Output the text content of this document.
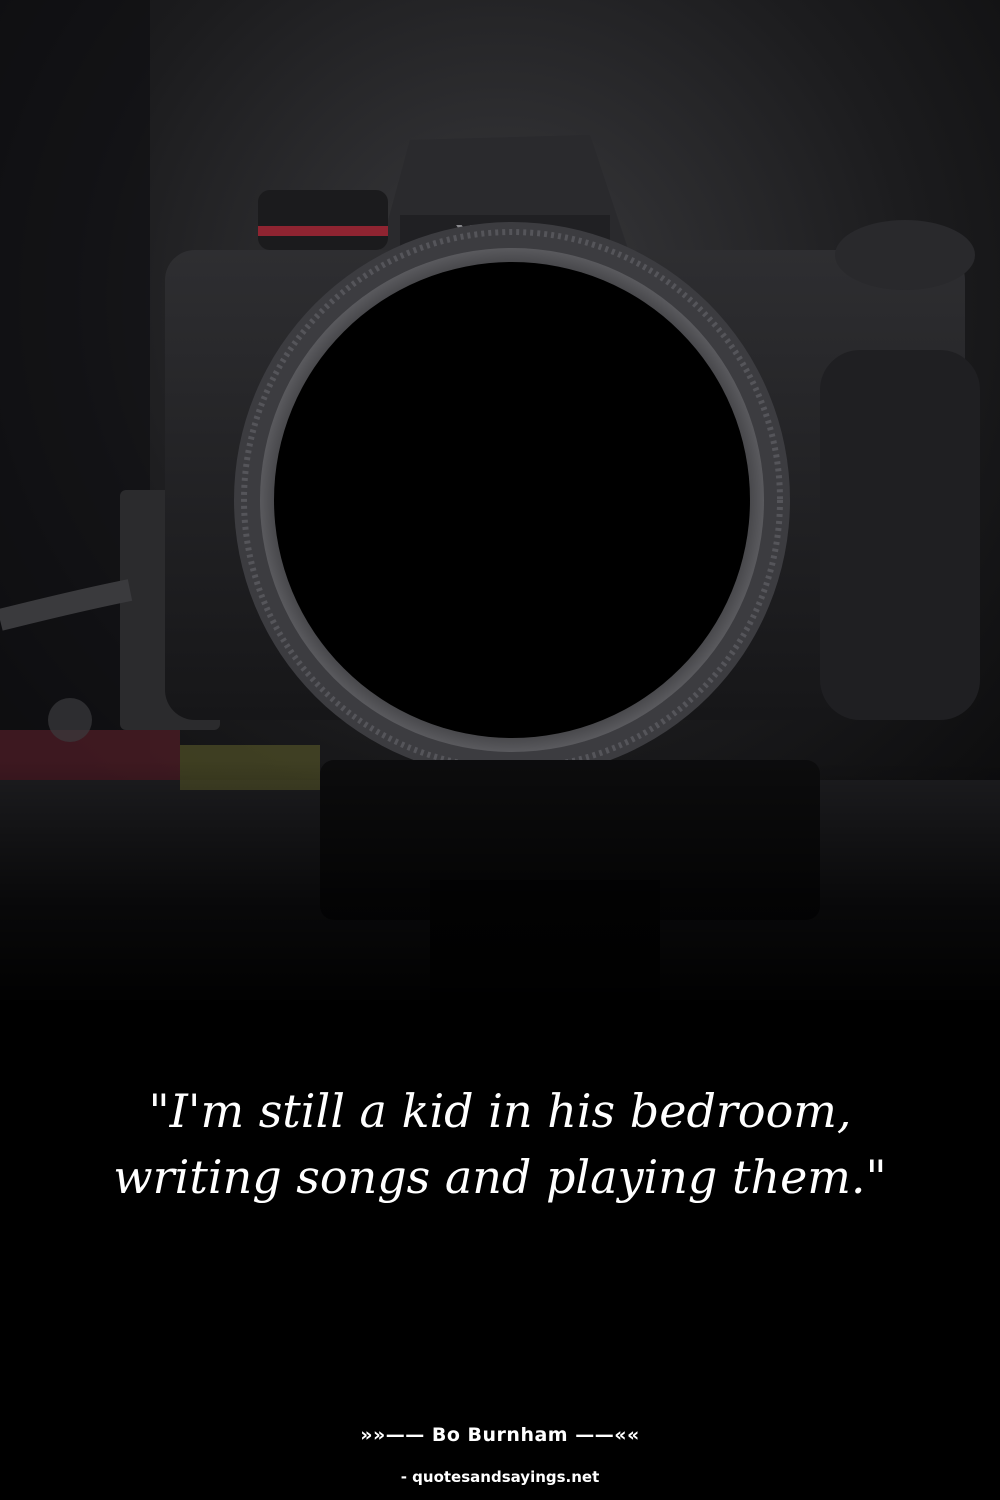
"I'm still a kid in his bedroom, writing songs and playing them."

»»—— Bo Burnham ——««
- quotesandsayings.net
